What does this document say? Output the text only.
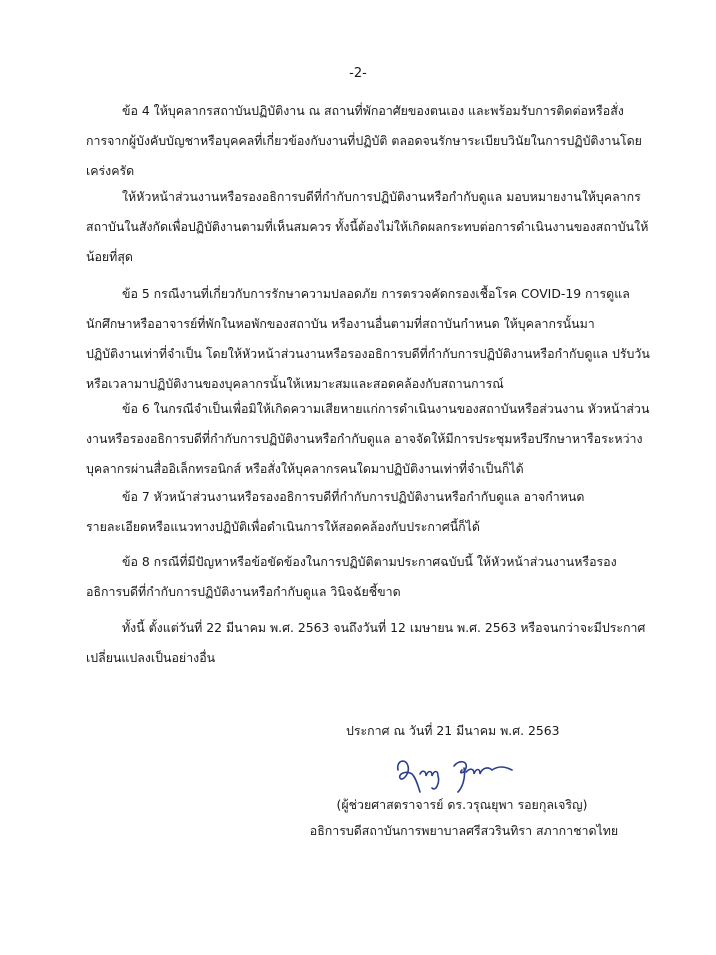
-2-

ข้อ 4 ให้บุคลากรสถาบันปฏิบัติงาน ณ สถานที่พักอาศัยของตนเอง และพร้อมรับการติดต่อหรือสั่ง
การจากผู้บังคับบัญชาหรือบุคคลที่เกี่ยวข้องกับงานที่ปฏิบัติ ตลอดจนรักษาระเบียบวินัยในการปฏิบัติงานโดย
เคร่งครัด

ให้หัวหน้าส่วนงานหรือรองอธิการบดีที่กำกับการปฏิบัติงานหรือกำกับดูแล มอบหมายงานให้บุคลากร
สถาบันในสังกัดเพื่อปฏิบัติงานตามที่เห็นสมควร ทั้งนี้ต้องไม่ให้เกิดผลกระทบต่อการดำเนินงานของสถาบันให้
น้อยที่สุด

ข้อ 5 กรณีงานที่เกี่ยวกับการรักษาความปลอดภัย การตรวจคัดกรองเชื้อโรค COVID-19 การดูแล
นักศึกษาหรืออาจารย์ที่พักในหอพักของสถาบัน หรืองานอื่นตามที่สถาบันกำหนด ให้บุคลากรนั้นมา
ปฏิบัติงานเท่าที่จำเป็น โดยให้หัวหน้าส่วนงานหรือรองอธิการบดีที่กำกับการปฏิบัติงานหรือกำกับดูแล ปรับวัน
หรือเวลามาปฏิบัติงานของบุคลากรนั้นให้เหมาะสมและสอดคล้องกับสถานการณ์

ข้อ 6 ในกรณีจำเป็นเพื่อมิให้เกิดความเสียหายแก่การดำเนินงานของสถาบันหรือส่วนงาน หัวหน้าส่วน
งานหรือรองอธิการบดีที่กำกับการปฏิบัติงานหรือกำกับดูแล อาจจัดให้มีการประชุมหรือปรึกษาหารือระหว่าง
บุคลากรผ่านสื่ออิเล็กทรอนิกส์ หรือสั่งให้บุคลากรคนใดมาปฏิบัติงานเท่าที่จำเป็นก็ได้

ข้อ 7 หัวหน้าส่วนงานหรือรองอธิการบดีที่กำกับการปฏิบัติงานหรือกำกับดูแล อาจกำหนด
รายละเอียดหรือแนวทางปฏิบัติเพื่อดำเนินการให้สอดคล้องกับประกาศนี้ก็ได้

ข้อ 8 กรณีที่มีปัญหาหรือข้อขัดข้องในการปฏิบัติตามประกาศฉบับนี้ ให้หัวหน้าส่วนงานหรือรอง
อธิการบดีที่กำกับการปฏิบัติงานหรือกำกับดูแล วินิจฉัยชี้ขาด

ทั้งนี้ ตั้งแต่วันที่ 22 มีนาคม พ.ศ. 2563 จนถึงวันที่ 12 เมษายน พ.ศ. 2563 หรือจนกว่าจะมีประกาศ
เปลี่ยนแปลงเป็นอย่างอื่น

ประกาศ ณ วันที่ 21 มีนาคม พ.ศ. 2563
(ผู้ช่วยศาสตราจารย์ ดร.วรุณยุพา รอยกุลเจริญ)
อธิการบดีสถาบันการพยาบาลศรีสวรินทิรา สภากาชาดไทย
